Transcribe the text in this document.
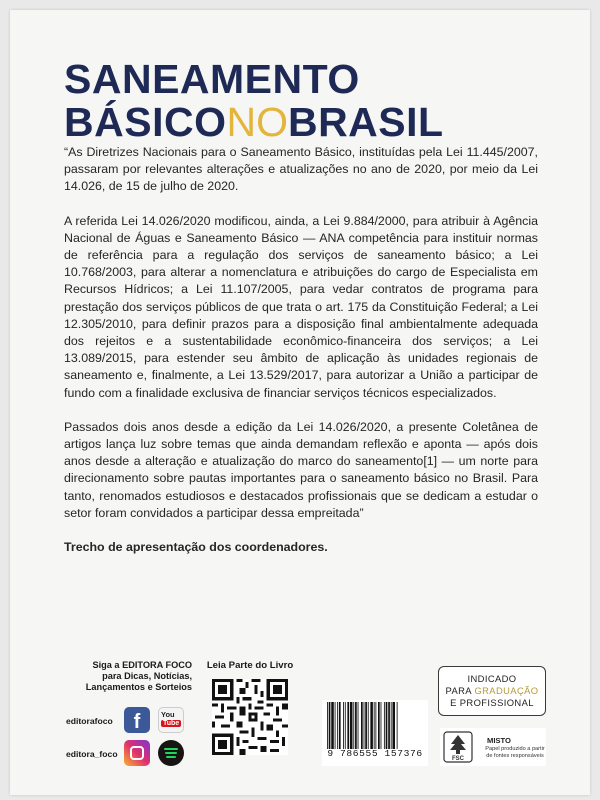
SANEAMENTO
BÁSICONOBRASIL

“As Diretrizes Nacionais para o Saneamento Básico, instituídas pela Lei 11.445/2007, passaram por relevantes alterações e atualizações no ano de 2020, por meio da Lei 14.026, de 15 de julho de 2020.

A referida Lei 14.026/2020 modificou, ainda, a Lei 9.884/2000, para atribuir à Agência Nacional de Águas e Saneamento Básico — ANA competência para instituir normas de referência para a regulação dos serviços de saneamento básico; a Lei 10.768/2003, para alterar a nomenclatura e atribuições do cargo de Especialista em Recursos Hídricos; a Lei 11.107/2005, para vedar contratos de programa para prestação dos serviços públicos de que trata o art. 175 da Constituição Federal; a Lei 12.305/2010, para definir prazos para a disposição final ambientalmente adequada dos rejeitos e a sustentabilidade econômico-financeira dos serviços; a Lei 13.089/2015, para estender seu âmbito de aplicação às unidades regionais de saneamento e, finalmente, a Lei 13.529/2017, para autorizar a União a participar de fundo com a finalidade exclusiva de financiar serviços técnicos especializados.

Passados dois anos desde a edição da Lei 14.026/2020, a presente Coletânea de artigos lança luz sobre temas que ainda demandam reflexão e aponta — após dois anos desde a alteração e atualização do marco do saneamento[1] — um norte para direcionamento sobre pautas importantes para o saneamento básico no Brasil. Para tanto, renomados estudiosos e destacados profissionais que se dedicam a estudar o setor foram convidados a participar dessa empreitada”

Trecho de apresentação dos coordenadores.

Siga a EDITORA FOCO
para Dicas, Notícias,
Lançamentos e Sorteios

editorafoco	f	You
Tube
editora_foco

Leia Parte do Livro

9 786555 157376
INDICADO
PARA GRADUAÇÃO
E PROFISSIONAL
FSC
MISTO
Papel produzido a partir de fontes responsáveis
